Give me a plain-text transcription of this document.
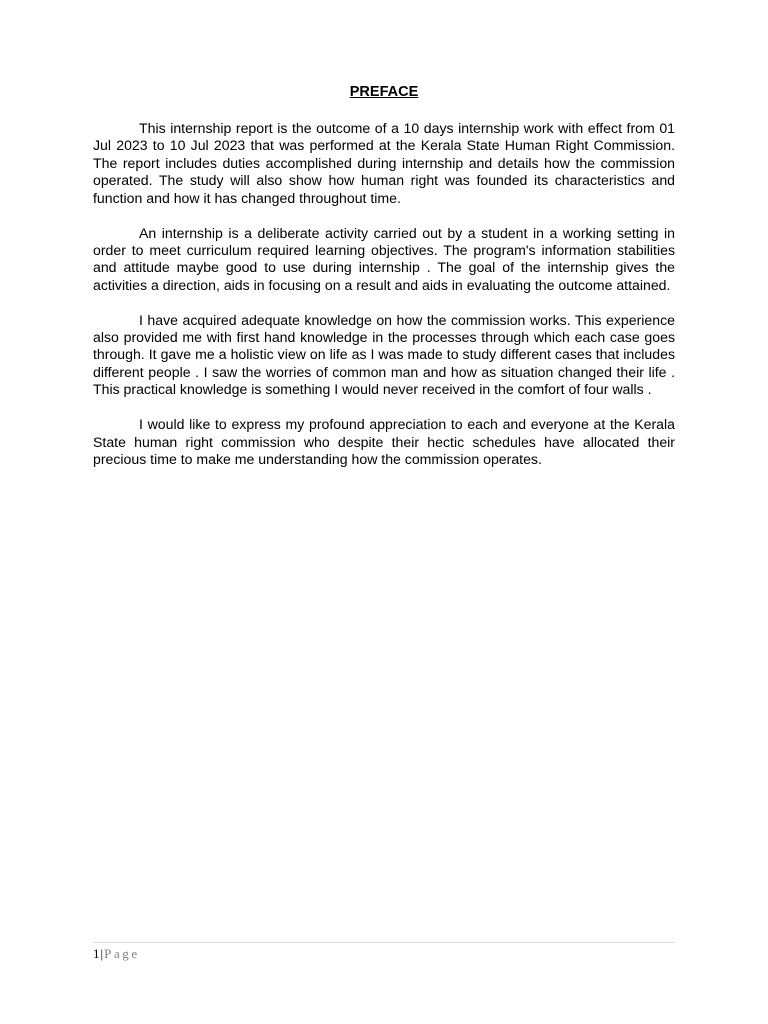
PREFACE

This internship report is the outcome of a 10 days internship work with effect from 01 Jul 2023 to 10 Jul 2023 that was performed at the Kerala State Human Right Commission. The report includes duties accomplished during internship and details how the commission operated. The study will also show how human right was founded its characteristics and function and how it has changed throughout time.

An internship is a deliberate activity carried out by a student in a working setting in order to meet curriculum required learning objectives. The program's information stabilities and attitude maybe good to use during internship . The goal of the internship gives the activities a direction, aids in focusing on a result and aids in evaluating the outcome attained.

I have acquired adequate knowledge on how the commission works. This experience also provided me with first hand knowledge in the processes through which each case goes through. It gave me a holistic view on life as I was made to study different cases that includes different people . I saw the worries of common man and how as situation changed their life . This practical knowledge is something I would never received in the comfort of four walls .

I would like to express my profound appreciation to each and everyone at the Kerala State human right commission who despite their hectic schedules have allocated their precious time to make me understanding how the commission operates.

1|Page
